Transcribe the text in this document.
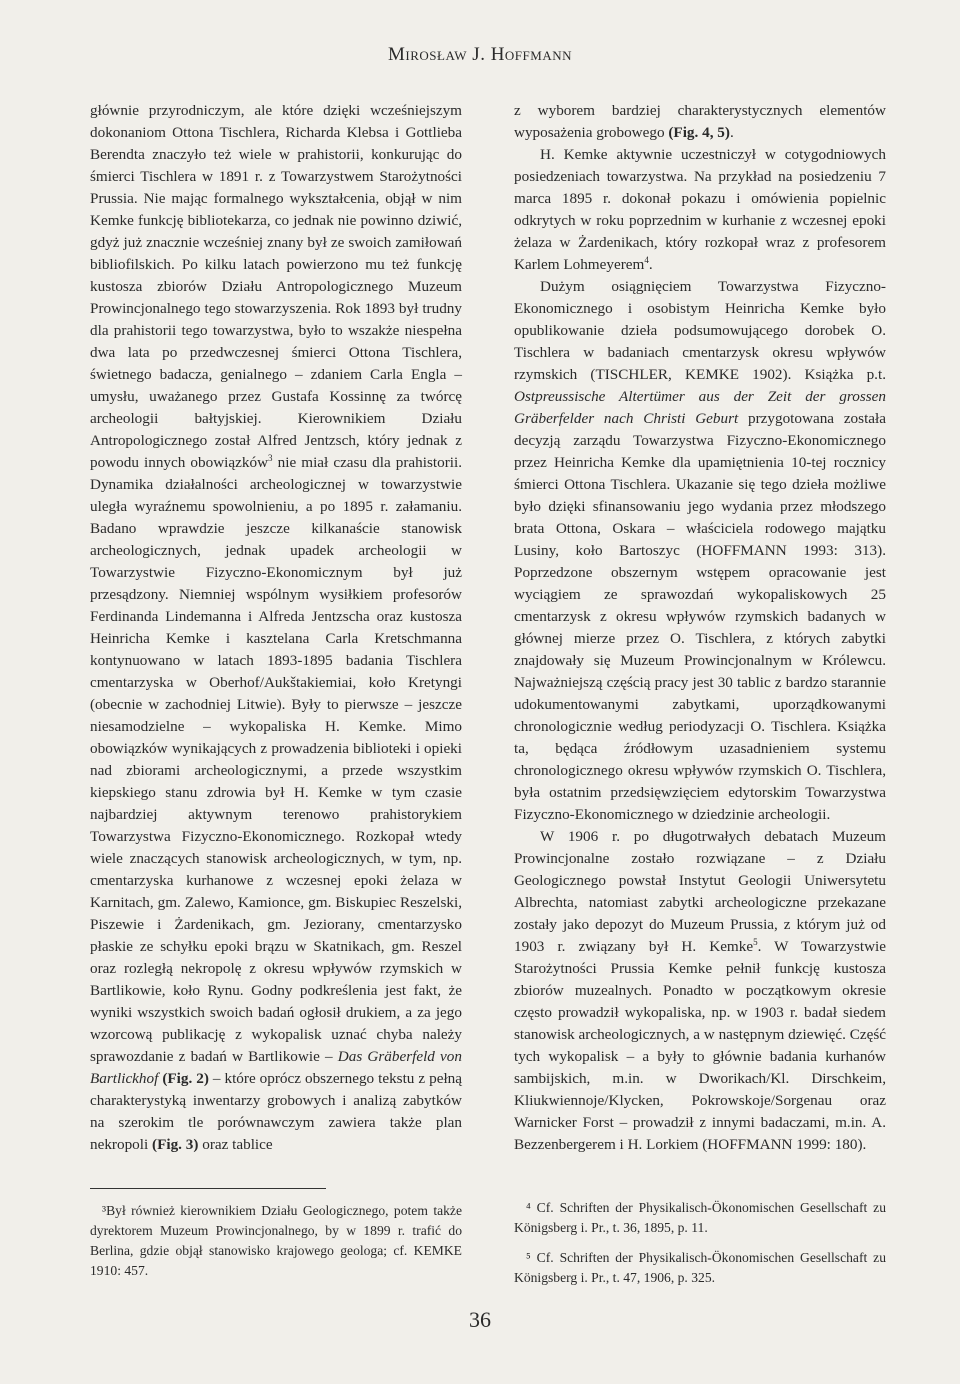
Mirosław J. Hoffmann

głównie przyrodniczym, ale które dzięki wcześniejszym dokonaniom Ottona Tischlera, Richarda Klebsa i Gottlieba Berendta znaczyło też wiele w prahistorii, konkurując do śmierci Tischlera w 1891 r. z Towarzystwem Starożytności Prussia. Nie mając formalnego wykształcenia, objął w nim Kemke funkcję bibliotekarza, co jednak nie powinno dziwić, gdyż już znacznie wcześniej znany był ze swoich zamiłowań bibliofilskich. Po kilku latach powierzono mu też funkcję kustosza zbiorów Działu Antropologicznego Muzeum Prowincjonalnego tego stowarzyszenia. Rok 1893 był trudny dla prahistorii tego towarzystwa, było to wszakże niespełna dwa lata po przedwczesnej śmierci Ottona Tischlera, świetnego badacza, genialnego – zdaniem Carla Engla – umysłu, uważanego przez Gustafa Kossinnę za twórcę archeologii bałtyjskiej. Kierownikiem Działu Antropologicznego został Alfred Jentzsch, który jednak z powodu innych obowiązków$^3$ nie miał czasu dla prahistorii. Dynamika działalności archeologicznej w towarzystwie uległa wyraźnemu spowolnieniu, a po 1895 r. załamaniu. Badano wprawdzie jeszcze kilkanaście stanowisk archeologicznych, jednak upadek archeologii w Towarzystwie Fizyczno-Ekonomicznym był już przesądzony. Niemniej wspólnym wysiłkiem profesorów Ferdinanda Lindemanna i Alfreda Jentzscha oraz kustosza Heinricha Kemke i kasztelana Carla Kretschmanna kontynuowano w latach 1893-1895 badania Tischlera cmentarzyska w Oberhof/Aukštakiemiai, koło Kretyngi (obecnie w zachodniej Litwie). Były to pierwsze – jeszcze niesamodzielne – wykopaliska H. Kemke. Mimo obowiązków wynikających z prowadzenia biblioteki i opieki nad zbiorami archeologicznymi, a przede wszystkim kiepskiego stanu zdrowia był H. Kemke w tym czasie najbardziej aktywnym terenowo prahistorykiem Towarzystwa Fizyczno-Ekonomicznego. Rozkopał wtedy wiele znaczących stanowisk archeologicznych, w tym, np. cmentarzyska kurhanowe z wczesnej epoki żelaza w Karnitach, gm. Zalewo, Kamionce, gm. Biskupiec Reszelski, Piszewie i Żardenikach, gm. Jeziorany, cmentarzysko płaskie ze schyłku epoki brązu w Skatnikach, gm. Reszel oraz rozległą nekropolę z okresu wpływów rzymskich w Bartlikowie, koło Rynu. Godny podkreślenia jest fakt, że wyniki wszystkich swoich badań ogłosił drukiem, a za jego wzorcową publikację z wykopalisk uznać chyba należy sprawozdanie z badań w Bartlikowie – Das Gräberfeld von Bartlickhof (Fig. 2) – które oprócz obszernego tekstu z pełną charakterystyką inwentarzy grobowych i analizą zabytków na szerokim tle porównawczym zawiera także plan nekropoli (Fig. 3) oraz tablice

z wyborem bardziej charakterystycznych elementów wyposażenia grobowego (Fig. 4, 5).

H. Kemke aktywnie uczestniczył w cotygodniowych posiedzeniach towarzystwa. Na przykład na posiedzeniu 7 marca 1895 r. dokonał pokazu i omówienia popielnic odkrytych w roku poprzednim w kurhanie z wczesnej epoki żelaza w Żardenikach, który rozkopał wraz z profesorem Karlem Lohmeyerem$^4$.

Dużym osiągnięciem Towarzystwa Fizyczno-Ekonomicznego i osobistym Heinricha Kemke było opublikowanie dzieła podsumowującego dorobek O. Tischlera w badaniach cmentarzysk okresu wpływów rzymskich (TISCHLER, KEMKE 1902). Książka p.t. Ostpreussische Altertümer aus der Zeit der grossen Gräberfelder nach Christi Geburt przygotowana została decyzją zarządu Towarzystwa Fizyczno-Ekonomicznego przez Heinricha Kemke dla upamiętnienia 10-tej rocznicy śmierci Ottona Tischlera. Ukazanie się tego dzieła możliwe było dzięki sfinansowaniu jego wydania przez młodszego brata Ottona, Oskara – właściciela rodowego majątku Lusiny, koło Bartoszyc (HOFFMANN 1993: 313). Poprzedzone obszernym wstępem opracowanie jest wyciągiem ze sprawozdań wykopaliskowych 25 cmentarzysk z okresu wpływów rzymskich badanych w głównej mierze przez O. Tischlera, z których zabytki znajdowały się Muzeum Prowincjonalnym w Królewcu. Najważniejszą częścią pracy jest 30 tablic z bardzo starannie udokumentowanymi zabytkami, uporządkowanymi chronologicznie według periodyzacji O. Tischlera. Książka ta, będąca źródłowym uzasadnieniem systemu chronologicznego okresu wpływów rzymskich O. Tischlera, była ostatnim przedsięwzięciem edytorskim Towarzystwa Fizyczno-Ekonomicznego w dziedzinie archeologii.

W 1906 r. po długotrwałych debatach Muzeum Prowincjonalne zostało rozwiązane – z Działu Geologicznego powstał Instytut Geologii Uniwersytetu Albrechta, natomiast zabytki archeologiczne przekazane zostały jako depozyt do Muzeum Prussia, z którym już od 1903 r. związany był H. Kemke$^5$. W Towarzystwie Starożytności Prussia Kemke pełnił funkcję kustosza zbiorów muzealnych. Ponadto w początkowym okresie często prowadził wykopaliska, np. w 1903 r. badał siedem stanowisk archeologicznych, a w następnym dziewięć. Część tych wykopalisk – a były to głównie badania kurhanów sambijskich, m.in. w Dworikach/Kl. Dirschkeim, Kliukwiennoje/Klycken, Pokrowskoje/Sorgenau oraz Warnicker Forst – prowadził z innymi badaczami, m.in. A. Bezzenbergerem i H. Lorkiem (HOFFMANN 1999: 180).

³Był również kierownikiem Działu Geologicznego, potem także dyrektorem Muzeum Prowincjonalnego, by w 1899 r. trafić do Berlina, gdzie objął stanowisko krajowego geologa; cf. KEMKE 1910: 457.

⁴ Cf. Schriften der Physikalisch-Ökonomischen Gesellschaft zu Königsberg i. Pr., t. 36, 1895, p. 11.

⁵ Cf. Schriften der Physikalisch-Ökonomischen Gesellschaft zu Königsberg i. Pr., t. 47, 1906, p. 325.

36
